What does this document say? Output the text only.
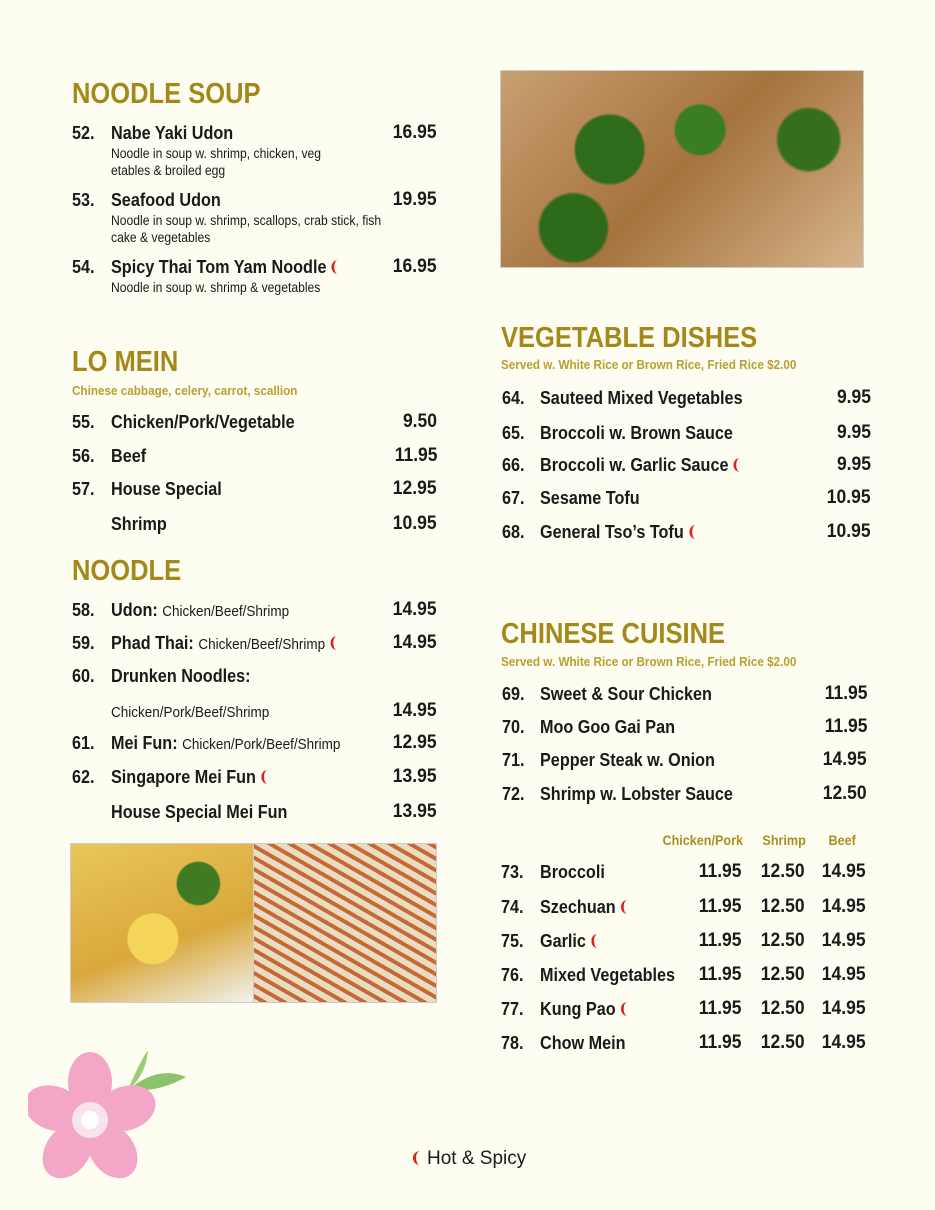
NOODLE SOUP
LO MEIN
Chinese cabbage, celery, carrot, scallion
NOODLE
VEGETABLE DISHES
Served w. White Rice or Brown Rice, Fried Rice $2.00
CHINESE CUISINE
Served w. White Rice or Brown Rice, Fried Rice $2.00
Chicken/Pork Shrimp Beef
Hot & Spicy
52. Nabe Yaki Udon	16.95
Noodle in soup w. shrimp, chicken, veg
etables & broiled egg
53. Seafood Udon	19.95
Noodle in soup w. shrimp, scallops, crab stick, fish
cake & vegetables
54. Spicy Thai Tom Yam Noodle	16.95
Noodle in soup w. shrimp & vegetables
55. Chicken/Pork/Vegetable	9.50
56. Beef	11.95
57. House Special	12.95
Shrimp	10.95
58. Udon: Chicken/Beef/Shrimp	14.95
59. Phad Thai: Chicken/Beef/Shrimp	14.95
60. Drunken Noodles:
Chicken/Pork/Beef/Shrimp	14.95
61. Mei Fun: Chicken/Pork/Beef/Shrimp	12.95
62. Singapore Mei Fun	13.95
House Special Mei Fun	13.95
64. Sauteed Mixed Vegetables	9.95
65. Broccoli w. Brown Sauce	9.95
66. Broccoli w. Garlic Sauce	9.95
67. Sesame Tofu	10.95
68. General Tso’s Tofu	10.95
69. Sweet & Sour Chicken	11.95
70. Moo Goo Gai Pan	11.95
71. Pepper Steak w. Onion	14.95
72. Shrimp w. Lobster Sauce	12.50
73. Broccoli	11.95 12.50 14.95
74. Szechuan	11.95 12.50 14.95
75. Garlic	11.95 12.50 14.95
76. Mixed Vegetables 11.95 12.50 14.95
77. Kung Pao	11.95 12.50 14.95
78. Chow Mein	11.95 12.50 14.95
